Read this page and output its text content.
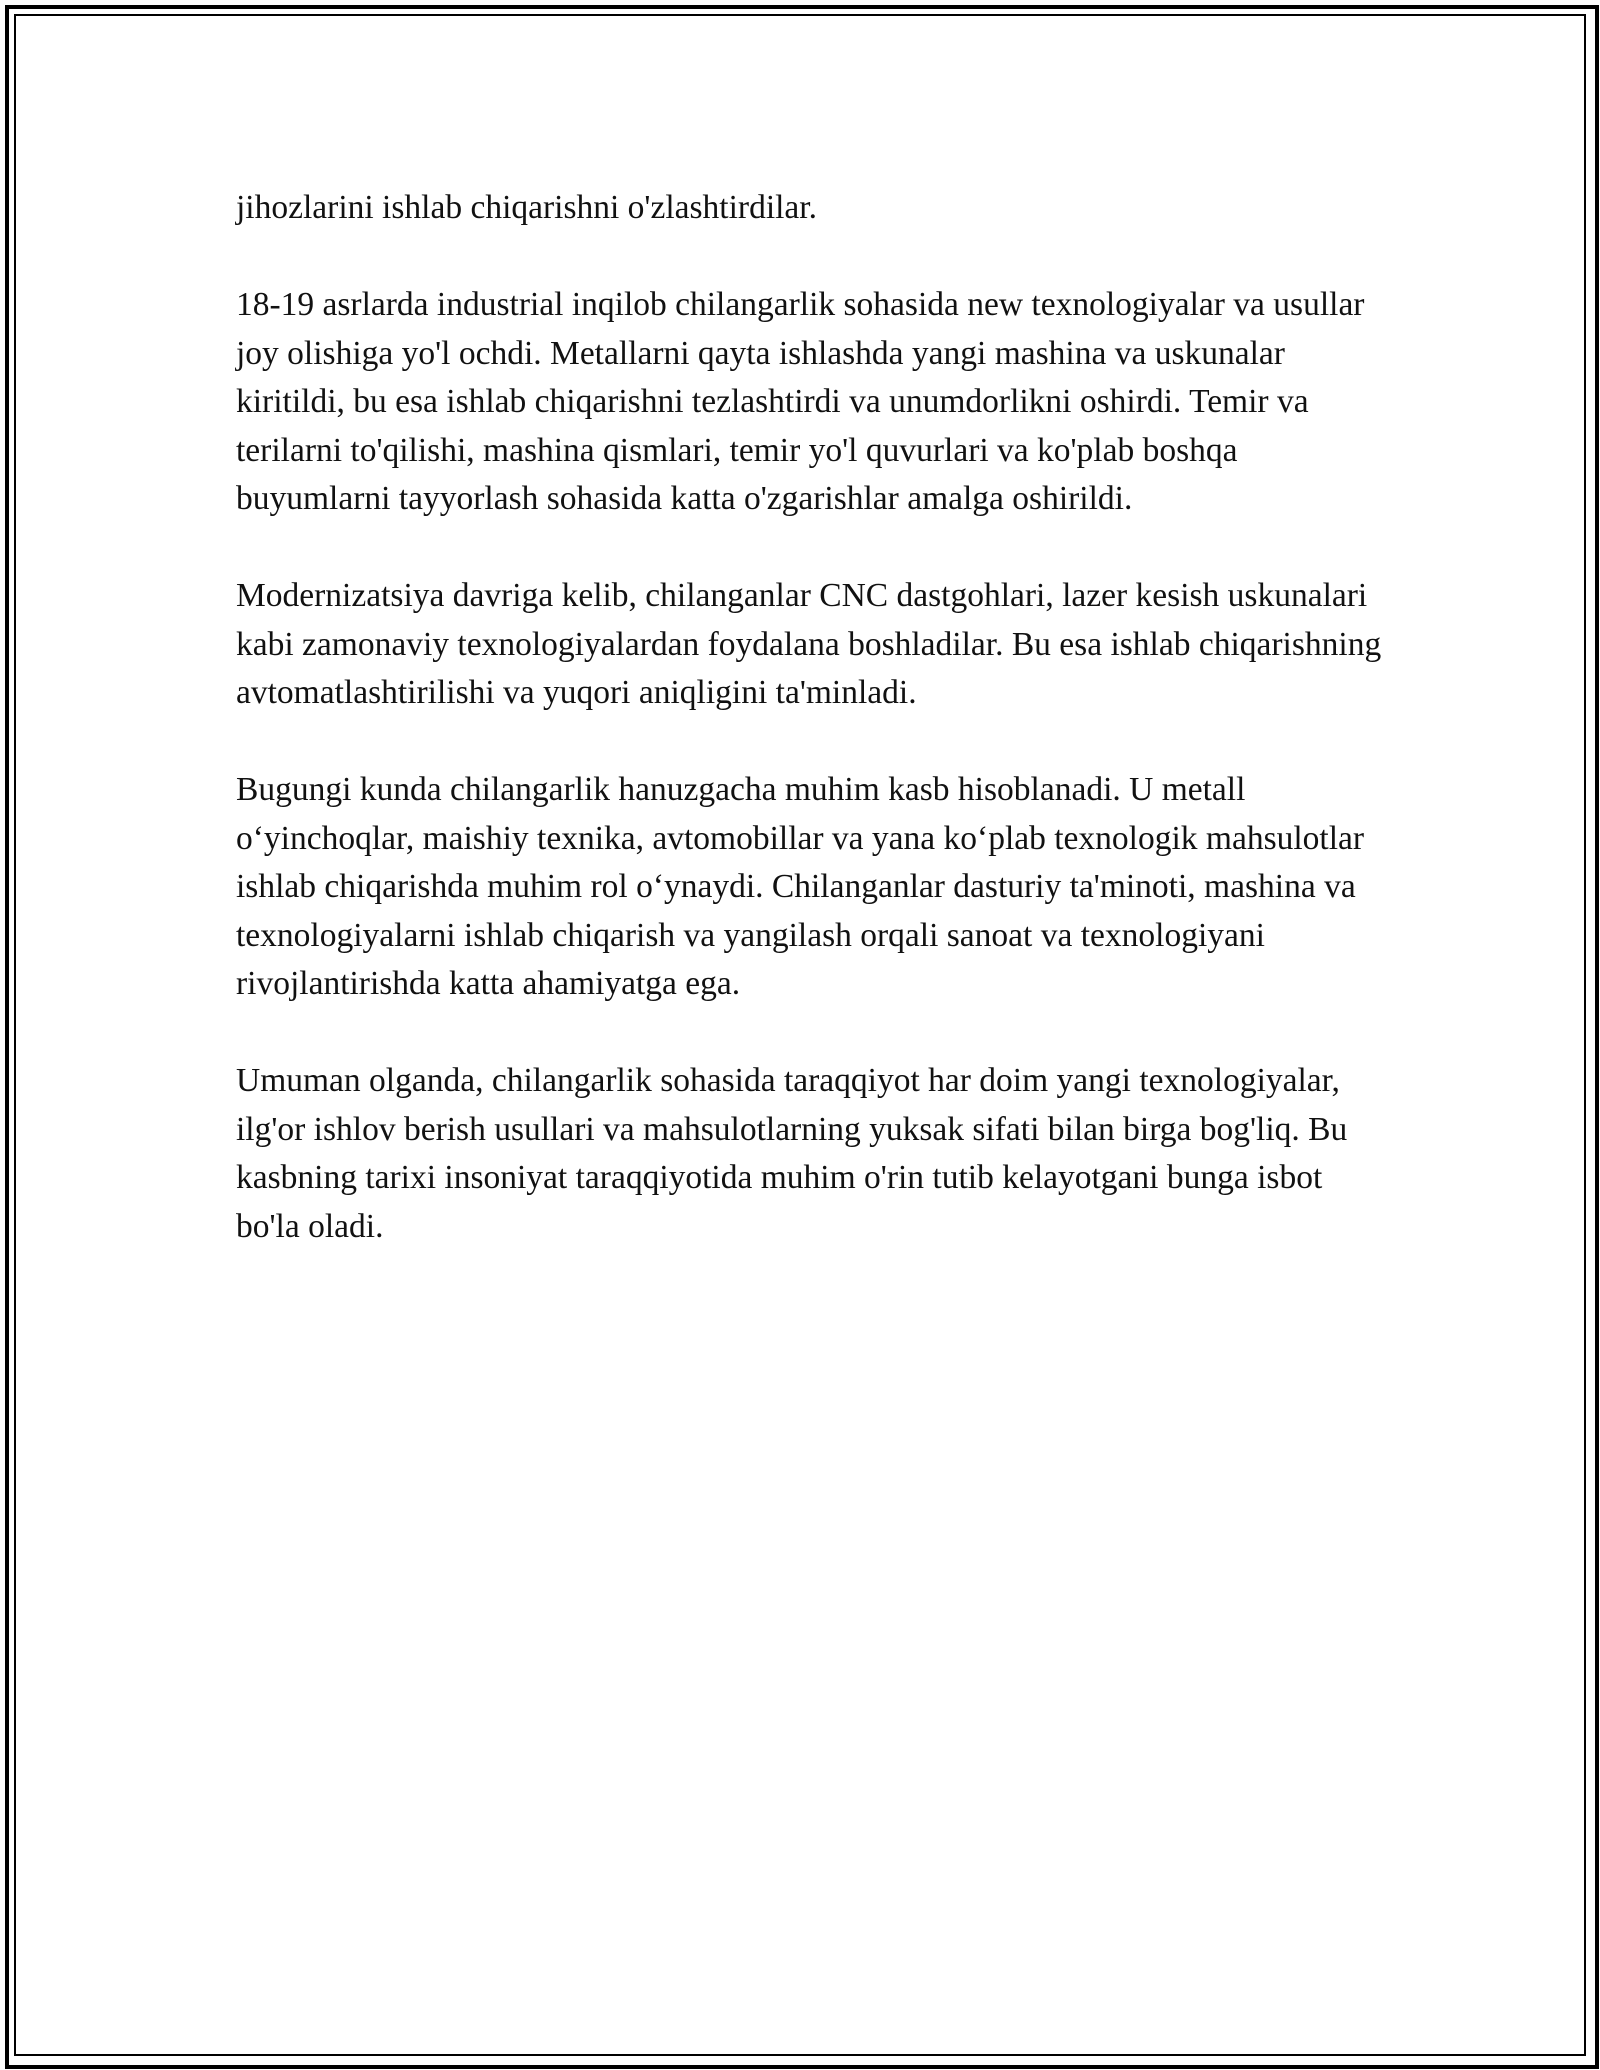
jihozlarini ishlab chiqarishni o'zlashtirdilar.

18-19 asrlarda industrial inqilob chilangarlik sohasida new texnologiyalar va usullar joy olishiga yo'l ochdi. Metallarni qayta ishlashda yangi mashina va uskunalar kiritildi, bu esa ishlab chiqarishni tezlashtirdi va unumdorlikni oshirdi. Temir va terilarni to'qilishi, mashina qismlari, temir yo'l quvurlari va ko'plab boshqa buyumlarni tayyorlash sohasida katta o'zgarishlar amalga oshirildi.

Modernizatsiya davriga kelib, chilanganlar CNC dastgohlari, lazer kesish uskunalari kabi zamonaviy texnologiyalardan foydalana boshladilar. Bu esa ishlab chiqarishning avtomatlashtirilishi va yuqori aniqligini ta'minladi.

Bugungi kunda chilangarlik hanuzgacha muhim kasb hisoblanadi. U metall o‘yinchoqlar, maishiy texnika, avtomobillar va yana ko‘plab texnologik mahsulotlar ishlab chiqarishda muhim rol o‘ynaydi. Chilanganlar dasturiy ta'minoti, mashina va texnologiyalarni ishlab chiqarish va yangilash orqali sanoat va texnologiyani rivojlantirishda katta ahamiyatga ega.

Umuman olganda, chilangarlik sohasida taraqqiyot har doim yangi texnologiyalar, ilg'or ishlov berish usullari va mahsulotlarning yuksak sifati bilan birga bog'liq. Bu kasbning tarixi insoniyat taraqqiyotida muhim o'rin tutib kelayotgani bunga isbot bo'la oladi.
